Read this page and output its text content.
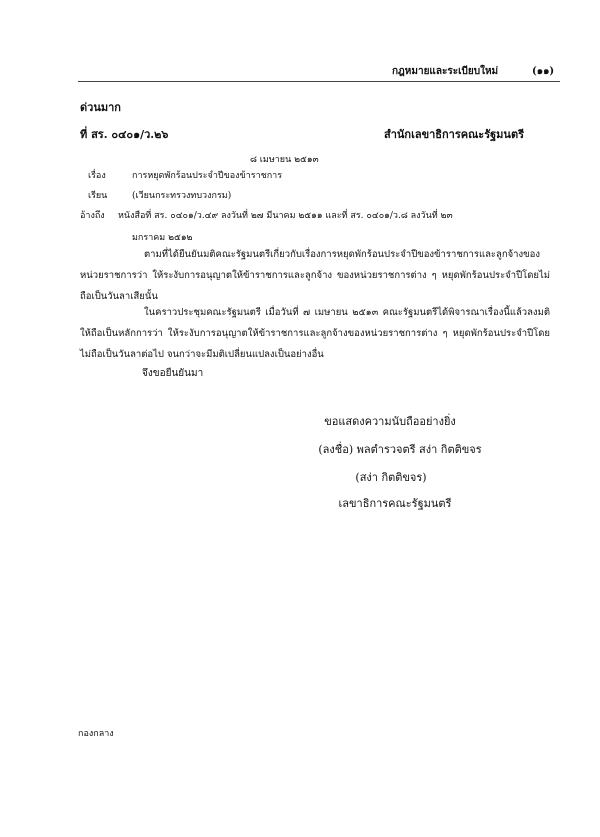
กฎหมายและระเบียบใหม่	(๑๑)
ด่วนมาก
ที่ สร. ๐๔๐๑/ว.๒๖	สำนักเลขาธิการคณะรัฐมนตรี
๘ เมษายน ๒๕๑๓
เรื่อง	การหยุดพักร้อนประจำปีของข้าราชการ
เรียน	(เวียนกระทรวงทบวงกรม)
อ้างถึง หนังสือที่ สร. ๐๔๐๑/ว.๔๙ ลงวันที่ ๒๗ มีนาคม ๒๕๑๑ และที่ สร. ๐๔๐๑/ว.๘ ลงวันที่ ๒๓
มกราคม ๒๕๑๒
ตามที่ได้ยืนยันมติคณะรัฐมนตรีเกี่ยวกับเรื่องการหยุดพักร้อนประจำปีของข้าราชการและลูกจ้างของหน่วยราชการว่า ให้ระงับการอนุญาตให้ข้าราชการและลูกจ้าง ของหน่วยราชการต่าง ๆ หยุดพักร้อนประจำปีโดยไม่ถือเป็นวันลาเสียนั้น
ในคราวประชุมคณะรัฐมนตรี เมื่อวันที่ ๗ เมษายน ๒๕๑๓ คณะรัฐมนตรีได้พิจารณาเรื่องนี้แล้วลงมติให้ถือเป็นหลักการว่า ให้ระงับการอนุญาตให้ข้าราชการและลูกจ้างของหน่วยราชการต่าง ๆ หยุดพักร้อนประจำปีโดยไม่ถือเป็นวันลาต่อไป จนกว่าจะมีมติเปลี่ยนแปลงเป็นอย่างอื่น
จึงขอยืนยันมา
ขอแสดงความนับถืออย่างยิ่ง
(ลงชื่อ) พลตำรวจตรี สง่า กิตติขจร
(สง่า กิตติขจร)
เลขาธิการคณะรัฐมนตรี
กองกลาง
